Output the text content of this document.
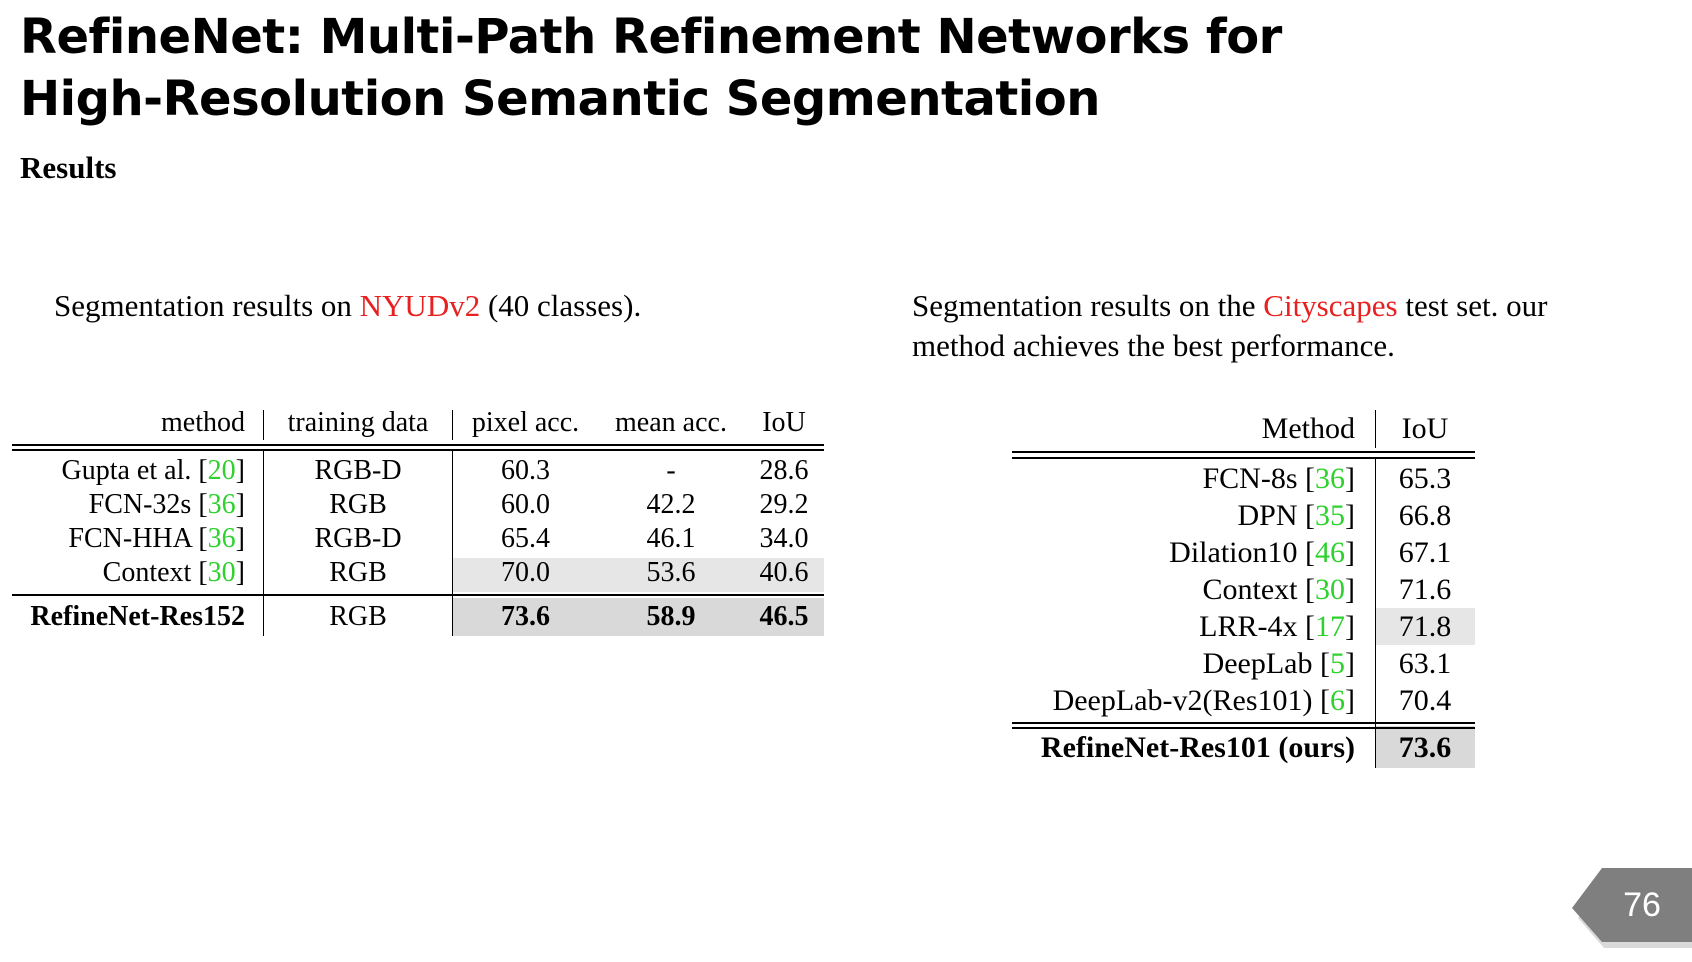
RefineNet: Multi-Path Refinement Networks for High-Resolution Semantic Segmentation
Results
Segmentation results on NYUDv2 (40 classes).	Segmentation results on the Cityscapes test set. our method achieves the best performance.
method	training data	pixel acc.	mean acc.	IoU
Gupta et al. [20]	RGB-D	60.3	-	28.6
FCN-32s [36]	RGB	60.0	42.2	29.2
FCN-HHA [36]	RGB-D	65.4	46.1	34.0
Context [30]	RGB	70.0	53.6	40.6
RefineNet-Res152	RGB	73.6	58.9	46.5
Method	IoU
FCN-8s [36]	65.3
DPN [35]	66.8
Dilation10 [46]	67.1
Context [30]	71.6
LRR-4x [17]	71.8
DeepLab [5]	63.1
DeepLab-v2(Res101) [6]	70.4
RefineNet-Res101 (ours)	73.6
76
